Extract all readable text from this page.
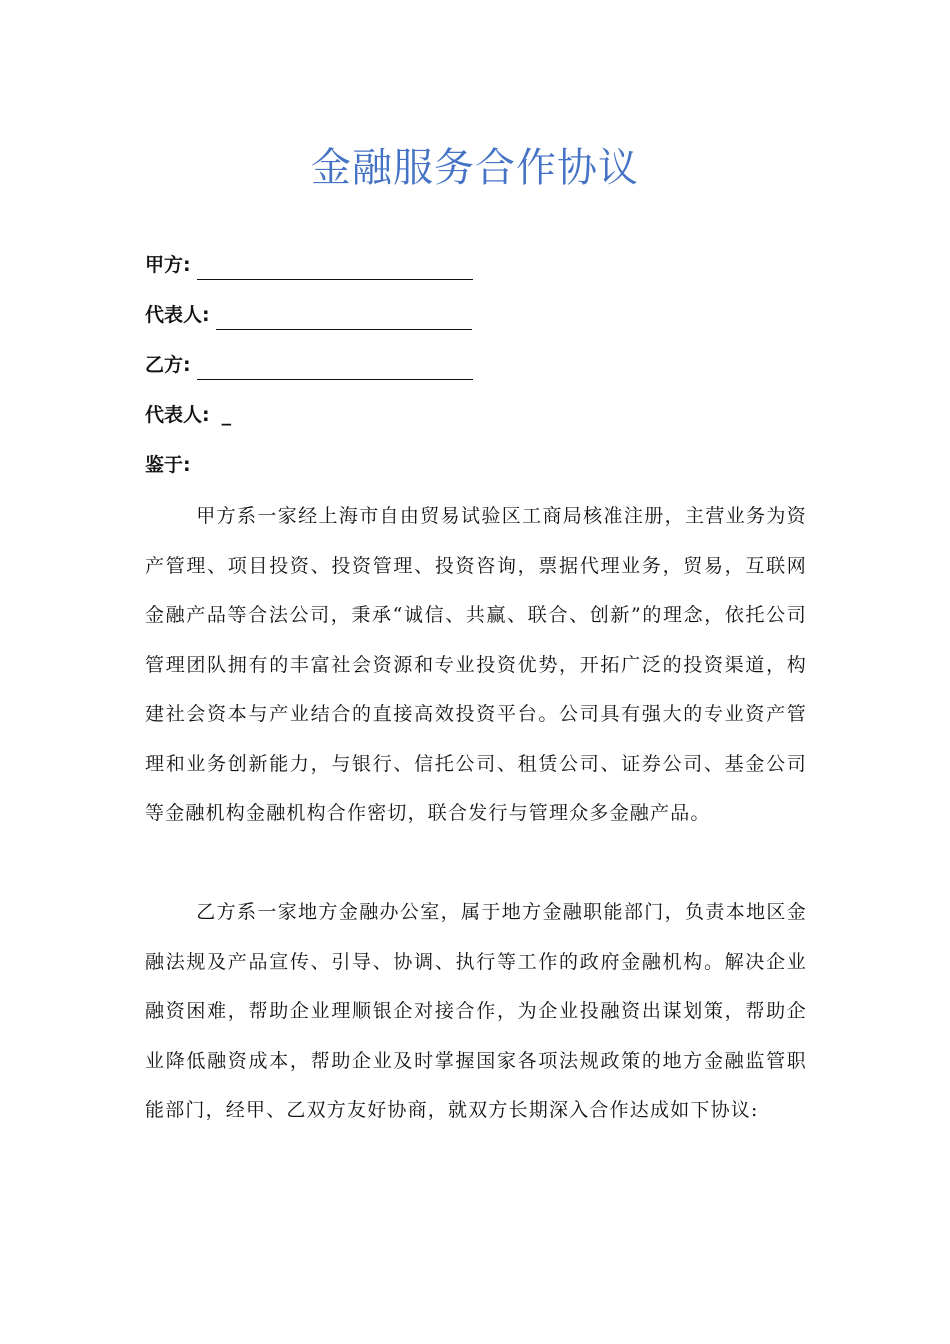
金融服务合作协议
甲方:
代表人:
乙方:
代表人: _
鉴于:

甲方系一家经上海市自由贸易试验区工商局核准注册，主营业务为资产管理、项目投资、投资管理、投资咨询，票据代理业务，贸易，互联网金融产品等合法公司，秉承“诚信、共赢、联合、创新”的理念，依托公司管理团队拥有的丰富社会资源和专业投资优势，开拓广泛的投资渠道，构建社会资本与产业结合的直接高效投资平台。公司具有强大的专业资产管理和业务创新能力，与银行、信托公司、租赁公司、证券公司、基金公司等金融机构金融机构合作密切，联合发行与管理众多金融产品。

乙方系一家地方金融办公室，属于地方金融职能部门，负责本地区金融法规及产品宣传、引导、协调、执行等工作的政府金融机构。解决企业融资困难，帮助企业理顺银企对接合作，为企业投融资出谋划策，帮助企业降低融资成本，帮助企业及时掌握国家各项法规政策的地方金融监管职能部门，经甲、乙双方友好协商，就双方长期深入合作达成如下协议:
